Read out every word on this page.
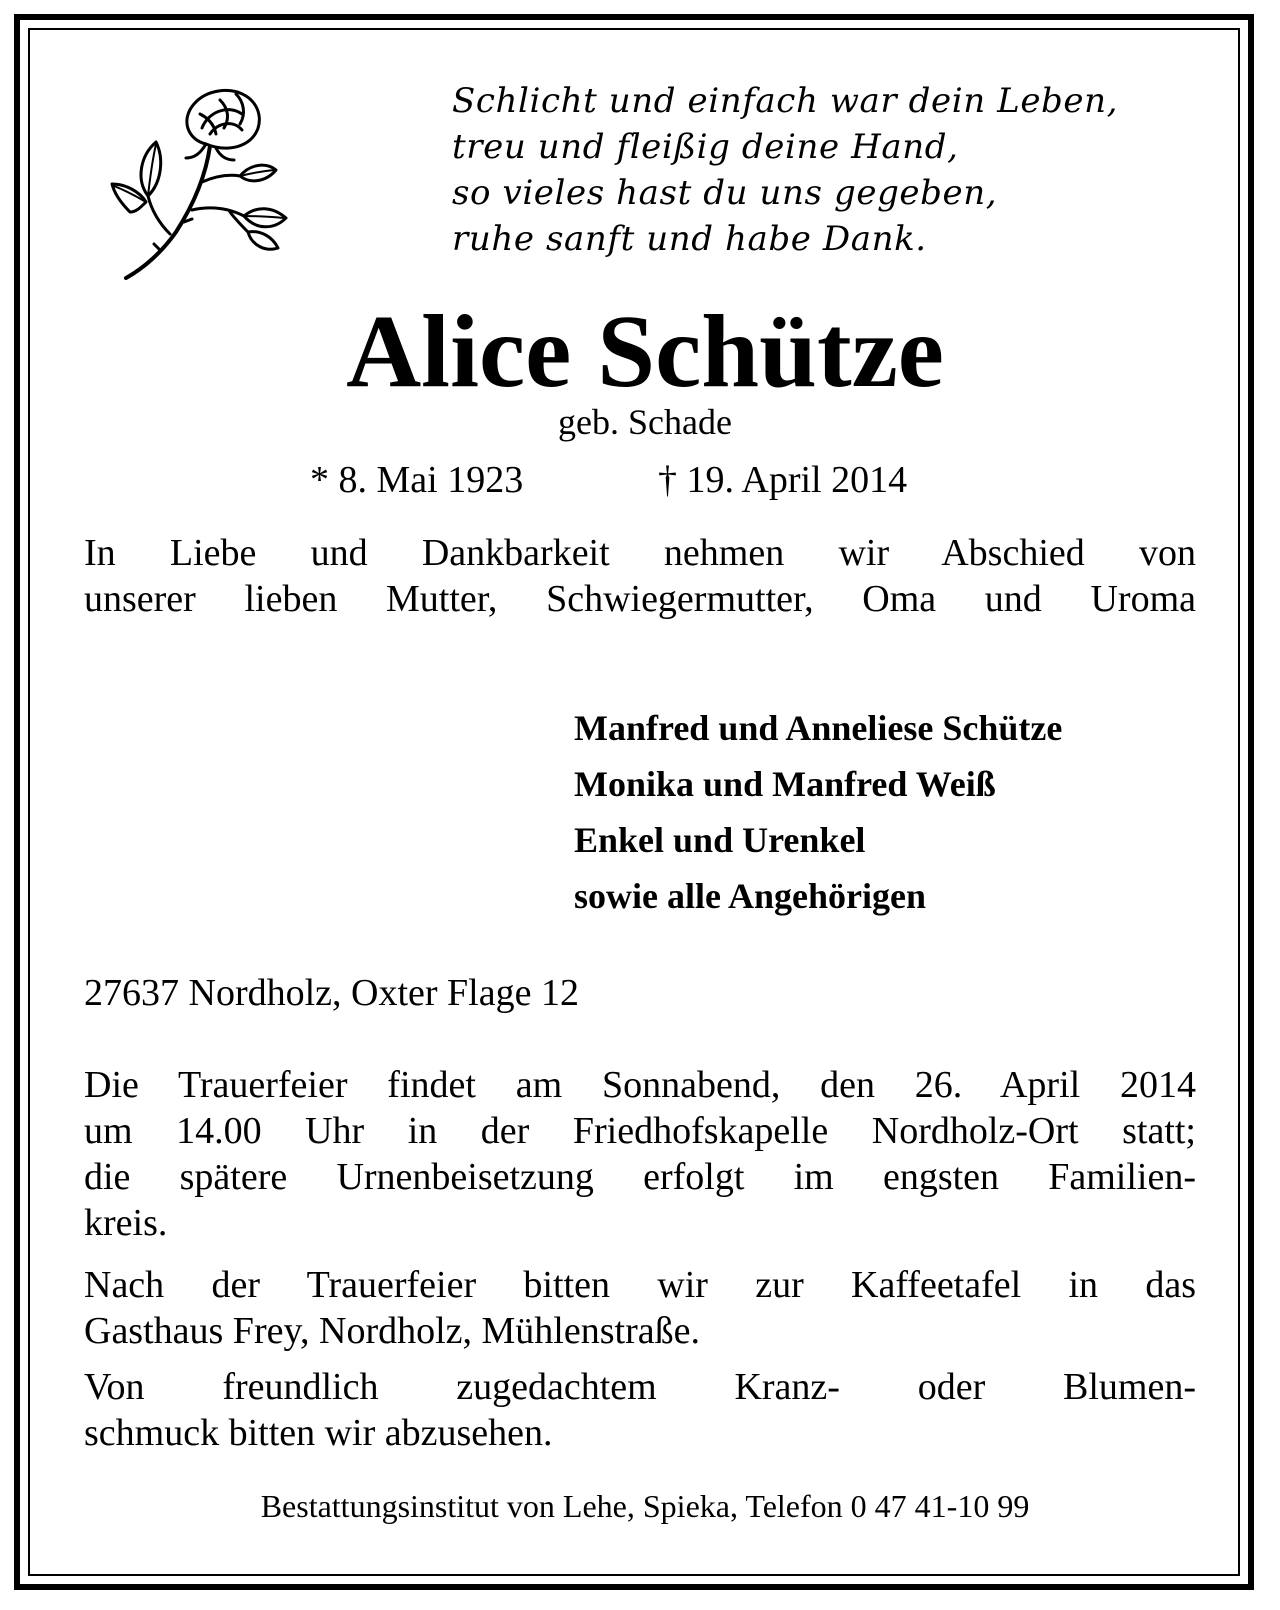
Schlicht und einfach war dein Leben,
treu und fleißig deine Hand,
so vieles hast du uns gegeben,
ruhe sanft und habe Dank.
Alice Schütze
geb. Schade
* 8. Mai 1923	† 19. April 2014
In Liebe und Dankbarkeit nehmen wir Abschied von
unserer lieben Mutter, Schwiegermutter, Oma und Uroma
Manfred und Anneliese Schütze
Monika und Manfred Weiß
Enkel und Urenkel
sowie alle Angehörigen
27637 Nordholz, Oxter Flage 12
Die Trauerfeier findet am Sonnabend, den 26. April 2014
um 14.00 Uhr in der Friedhofskapelle Nordholz-Ort statt;
die spätere Urnenbeisetzung erfolgt im engsten Familien-
kreis.
Nach der Trauerfeier bitten wir zur Kaffeetafel in das
Gasthaus Frey, Nordholz, Mühlenstraße.
Von freundlich zugedachtem Kranz- oder Blumen-
schmuck bitten wir abzusehen.
Bestattungsinstitut von Lehe, Spieka, Telefon 0 47 41-10 99
